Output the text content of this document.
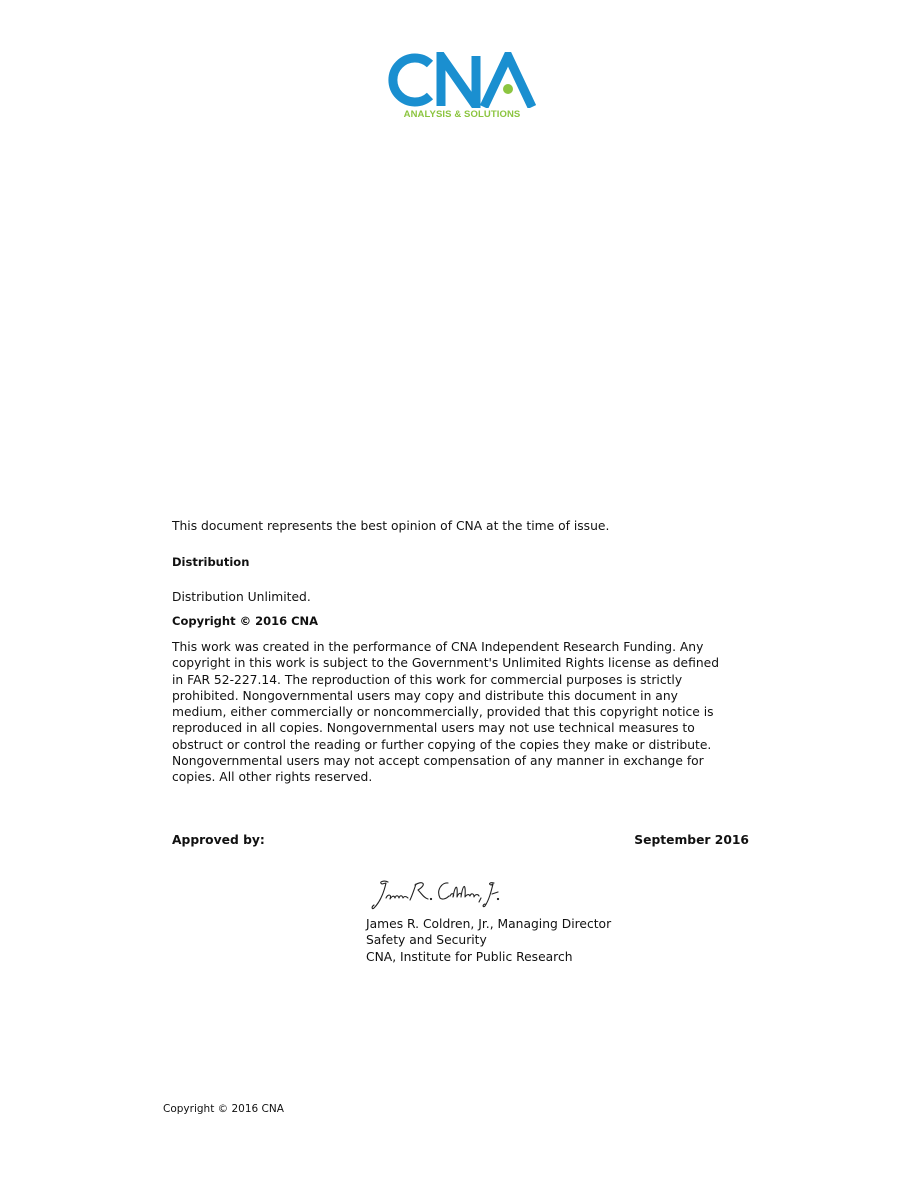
ANALYSIS & SOLUTIONS
This document represents the best opinion of CNA at the time of issue.
Distribution
Distribution Unlimited.
Copyright © 2016 CNA
This work was created in the performance of CNA Independent Research Funding. Any
copyright in this work is subject to the Government's Unlimited Rights license as defined
in FAR 52-227.14. The reproduction of this work for commercial purposes is strictly
prohibited. Nongovernmental users may copy and distribute this document in any
medium, either commercially or noncommercially, provided that this copyright notice is
reproduced in all copies. Nongovernmental users may not use technical measures to
obstruct or control the reading or further copying of the copies they make or distribute.
Nongovernmental users may not accept compensation of any manner in exchange for
copies. All other rights reserved.
Approved by:	September 2016
James R. Coldren, Jr., Managing Director
Safety and Security
CNA, Institute for Public Research
Copyright © 2016 CNA
